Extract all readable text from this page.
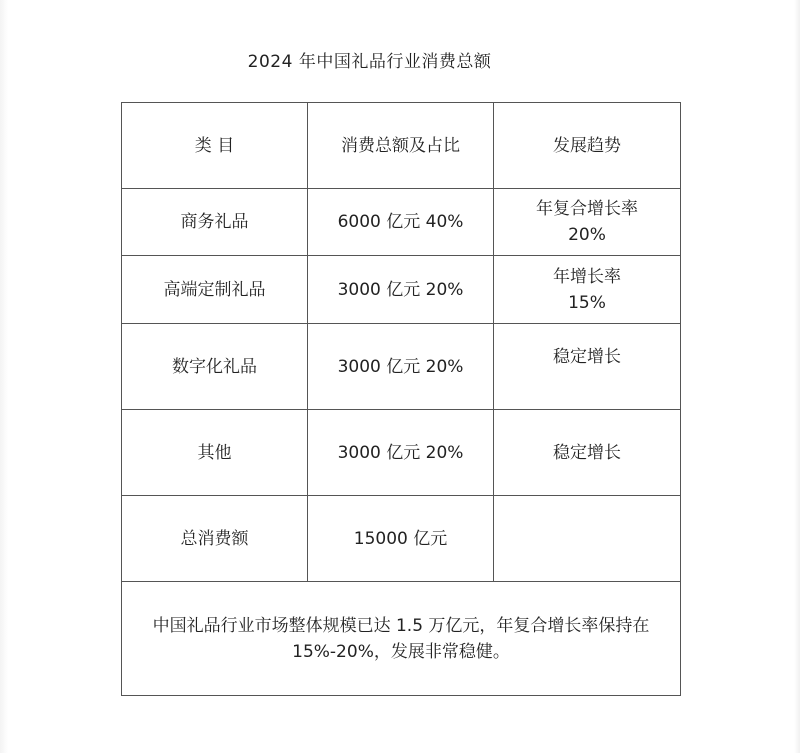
2024 年中国礼品行业消费总额
类 目	消费总额及占比	发展趋势
商务礼品	6000 亿元 40%	年复合增长率
20%

高端定制礼品	3000 亿元 20%	年增长率
15%

数字化礼品	3000 亿元 20%	稳定增长
其他	3000 亿元 20%	稳定增长
总消费额	15000 亿元	

中国礼品行业市场整体规模已达 1.5 万亿元，年复合增长率保持在
15%-20%，发展非常稳健。		
